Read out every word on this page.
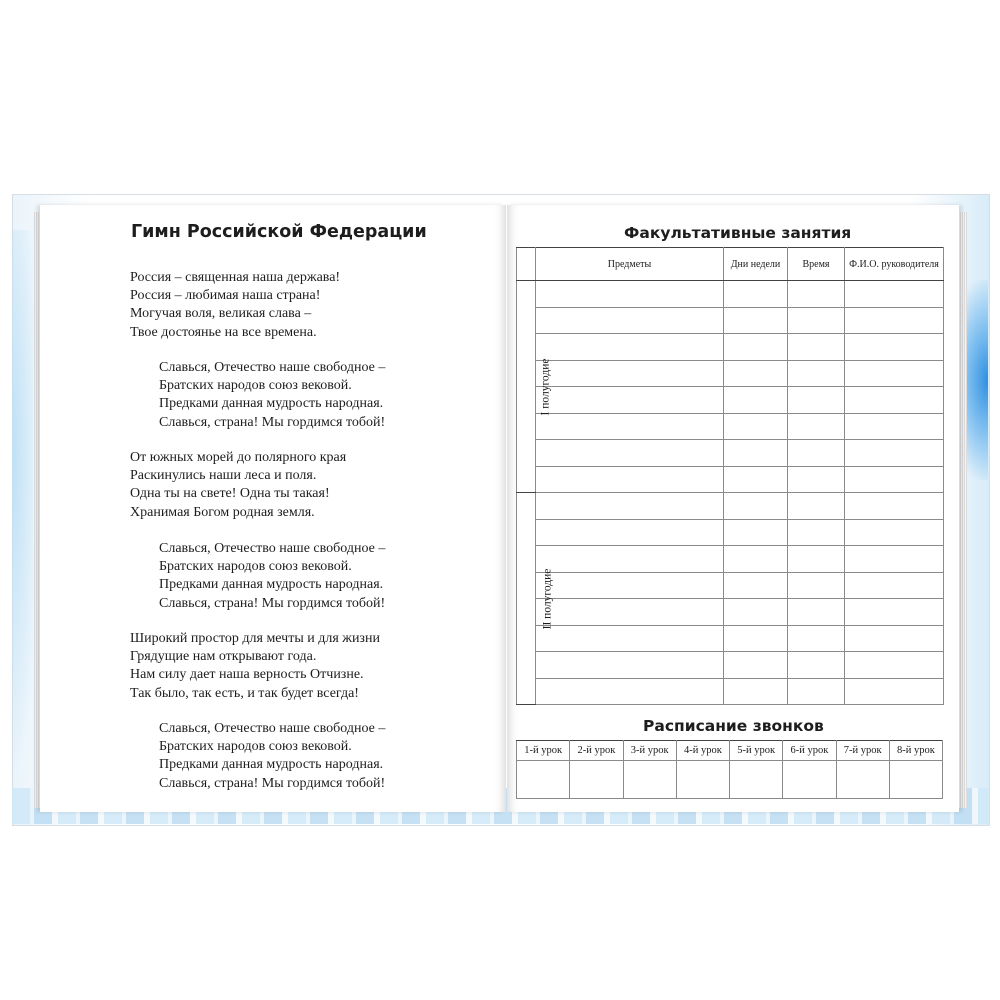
Гимн Российской Федерации

Россия – священная наша держава!
Россия – любимая наша страна!
Могучая воля, великая слава –
Твое достоянье на все времена.

Славься, Отечество наше свободное –
Братских народов союз вековой.
Предками данная мудрость народная.
Славься, страна! Мы гордимся тобой!

От южных морей до полярного края
Раскинулись наши леса и поля.
Одна ты на свете! Одна ты такая!
Хранимая Богом родная земля.

Славься, Отечество наше свободное –
Братских народов союз вековой.
Предками данная мудрость народная.
Славься, страна! Мы гордимся тобой!

Широкий простор для мечты и для жизни
Грядущие нам открывают года.
Нам силу дает наша верность Отчизне.
Так было, так есть, и так будет всегда!

Славься, Отечество наше свободное –
Братских народов союз вековой.
Предками данная мудрость народная.
Славься, страна! Мы гордимся тобой!

Факультативные занятия
	Предметы	Дни недели	Время	Ф.И.О. руководителя
I полугодие				

II полугодие				

Расписание звонков
1-й урок	2-й урок	3-й урок	4-й урок	5-й урок	6-й урок	7-й урок	8-й урок
